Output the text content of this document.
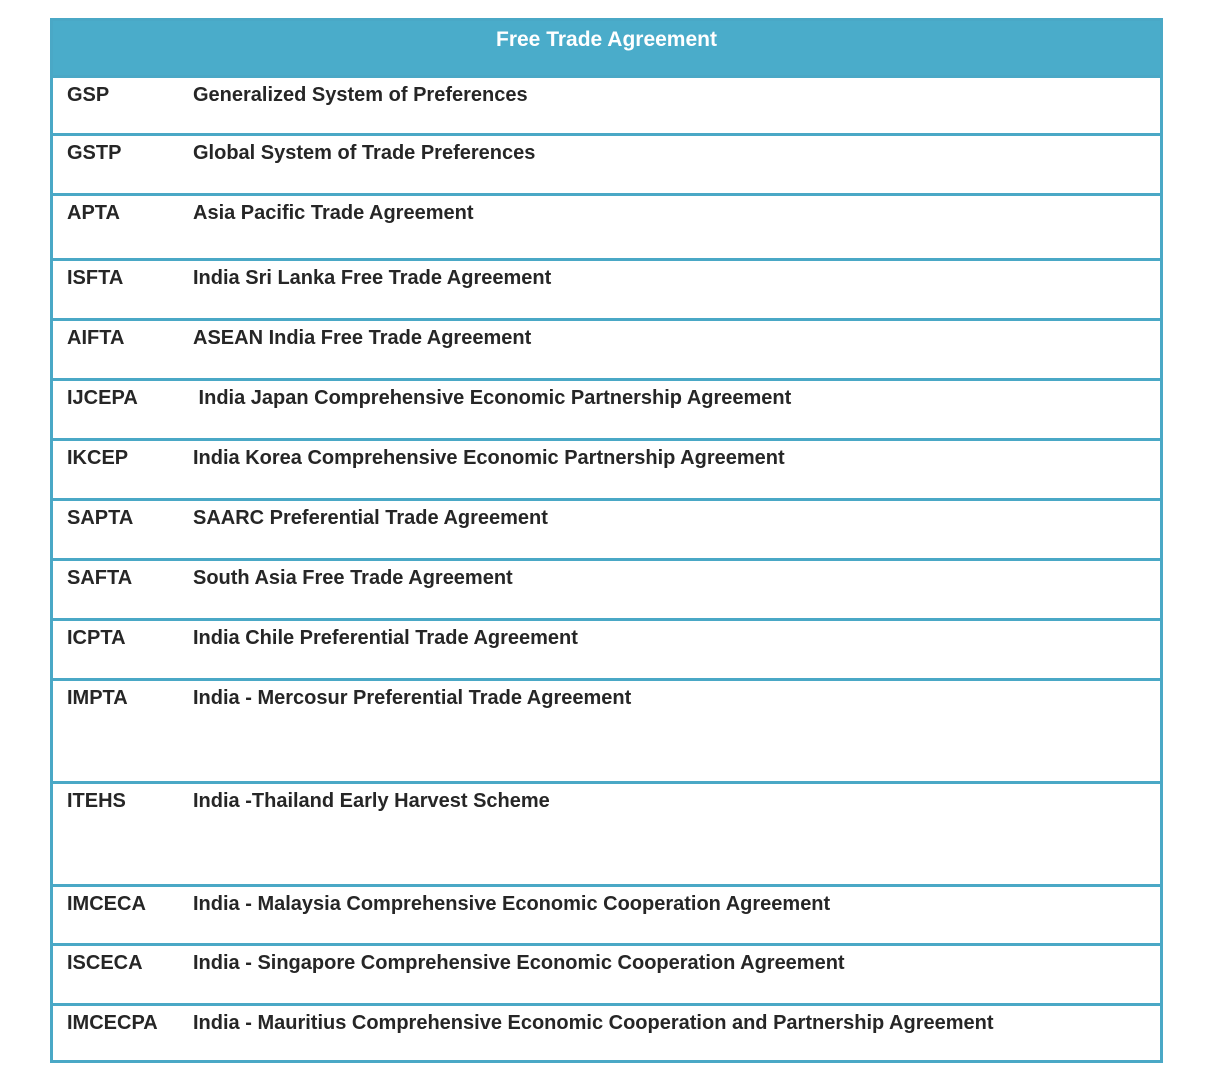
Free Trade Agreement
GSP	Generalized System of Preferences
GSTP	Global System of Trade Preferences
APTA	Asia Pacific Trade Agreement
ISFTA	India Sri Lanka Free Trade Agreement
AIFTA	ASEAN India Free Trade Agreement
IJCEPA	India Japan Comprehensive Economic Partnership Agreement
IKCEP	India Korea Comprehensive Economic Partnership Agreement
SAPTA	SAARC Preferential Trade Agreement
SAFTA	South Asia Free Trade Agreement
ICPTA	India Chile Preferential Trade Agreement
IMPTA	India - Mercosur Preferential Trade Agreement
ITEHS	India -Thailand Early Harvest Scheme
IMCECA	India - Malaysia Comprehensive Economic Cooperation Agreement
ISCECA	India - Singapore Comprehensive Economic Cooperation Agreement
IMCECPA	India - Mauritius Comprehensive Economic Cooperation and Partnership Agreement
